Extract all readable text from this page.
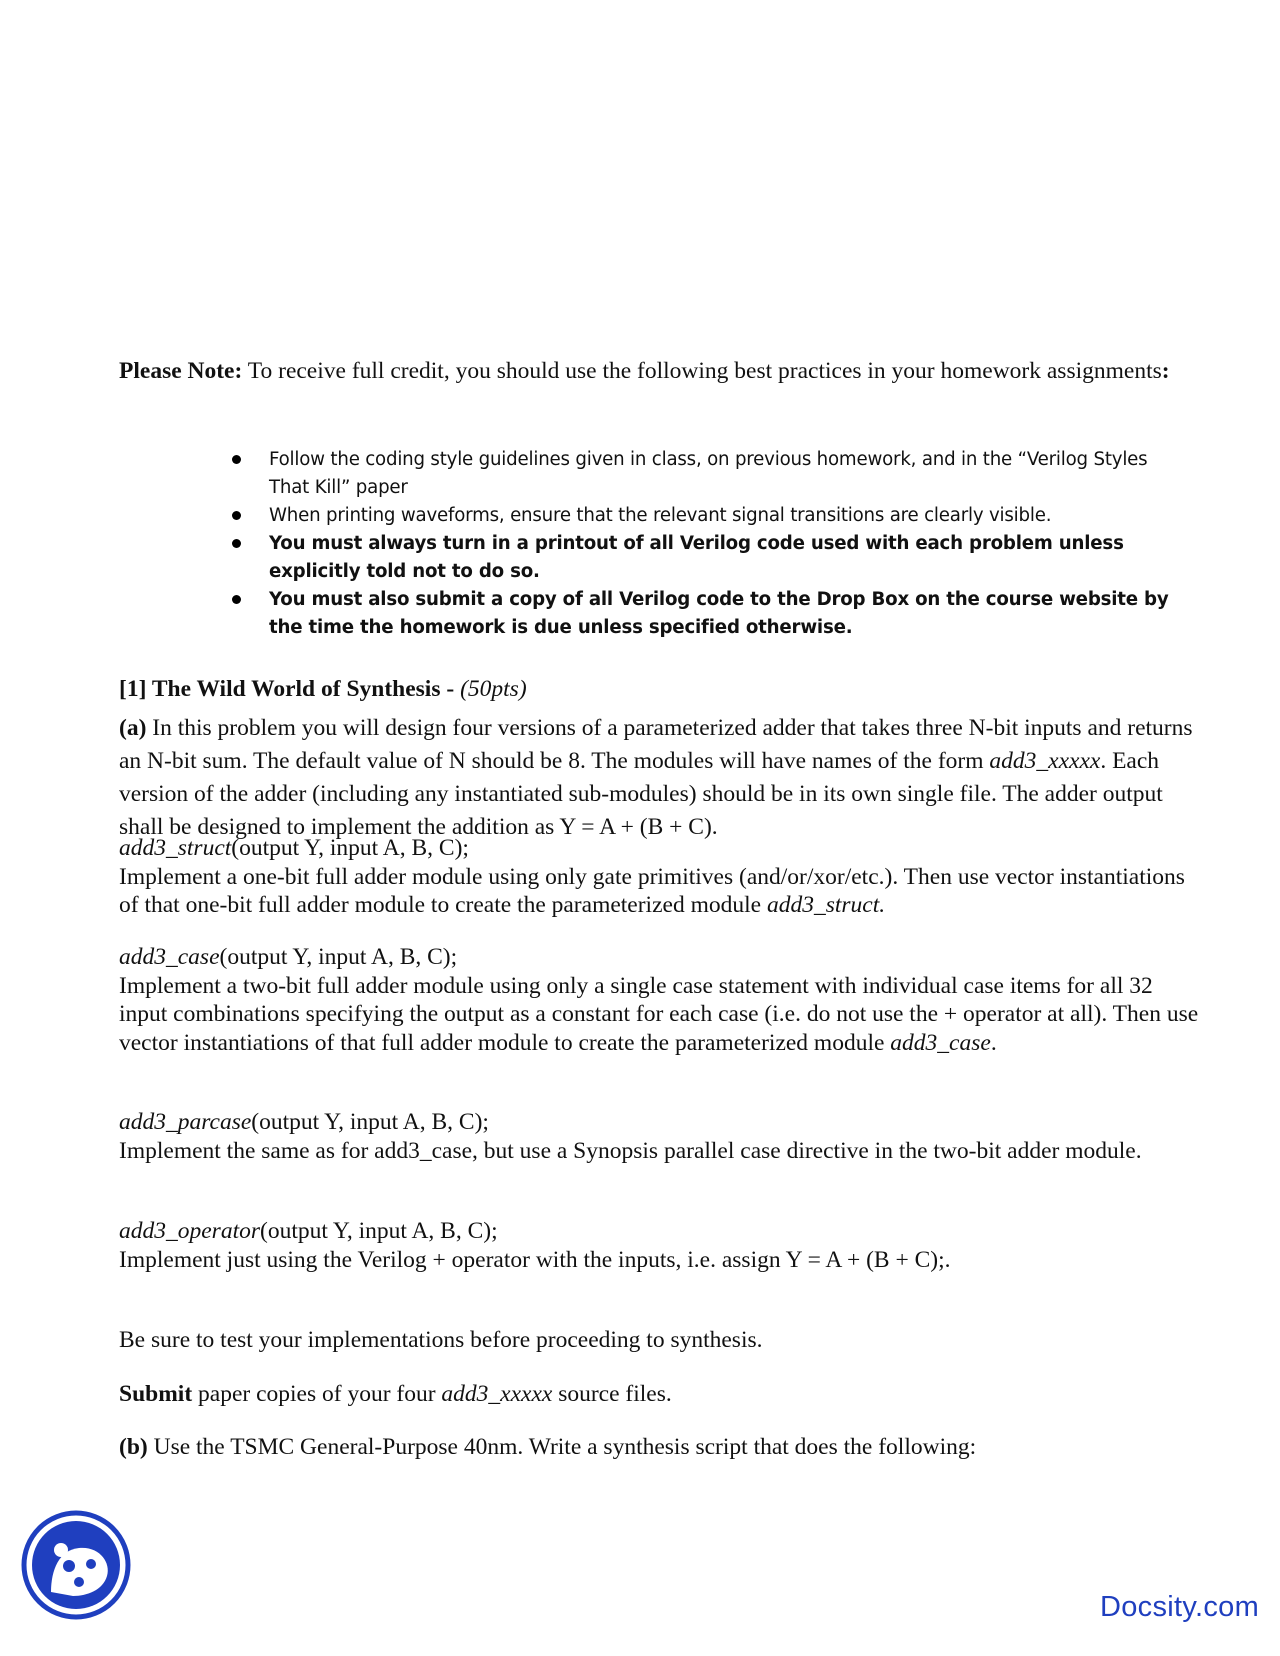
Please Note: To receive full credit, you should use the following best practices in your homework assignments:
Follow the coding style guidelines given in class, on previous homework, and in the “Verilog Styles That Kill” paper
When printing waveforms, ensure that the relevant signal transitions are clearly visible.
You must always turn in a printout of all Verilog code used with each problem unless explicitly told not to do so.
You must also submit a copy of all Verilog code to the Drop Box on the course website by the time the homework is due unless specified otherwise.
[1] The Wild World of Synthesis - (50pts)
(a) In this problem you will design four versions of a parameterized adder that takes three N-bit inputs and returns an N-bit sum. The default value of N should be 8. The modules will have names of the form add3_xxxxx. Each version of the adder (including any instantiated sub-modules) should be in its own single file. The adder output shall be designed to implement the addition as Y = A + (B + C).
add3_struct(output Y, input A, B, C);
Implement a one-bit full adder module using only gate primitives (and/or/xor/etc.). Then use vector instantiations of that one-bit full adder module to create the parameterized module add3_struct.
add3_case(output Y, input A, B, C);
Implement a two-bit full adder module using only a single case statement with individual case items for all 32 input combinations specifying the output as a constant for each case (i.e. do not use the + operator at all). Then use vector instantiations of that full adder module to create the parameterized module add3_case.
add3_parcase(output Y, input A, B, C);
Implement the same as for add3_case, but use a Synopsis parallel case directive in the two-bit adder module.
add3_operator(output Y, input A, B, C);
Implement just using the Verilog + operator with the inputs, i.e. assign Y = A + (B + C);.
Be sure to test your implementations before proceeding to synthesis.
Submit paper copies of your four add3_xxxxx source files.
(b) Use the TSMC General-Purpose 40nm. Write a synthesis script that does the following:
Docsity.com
